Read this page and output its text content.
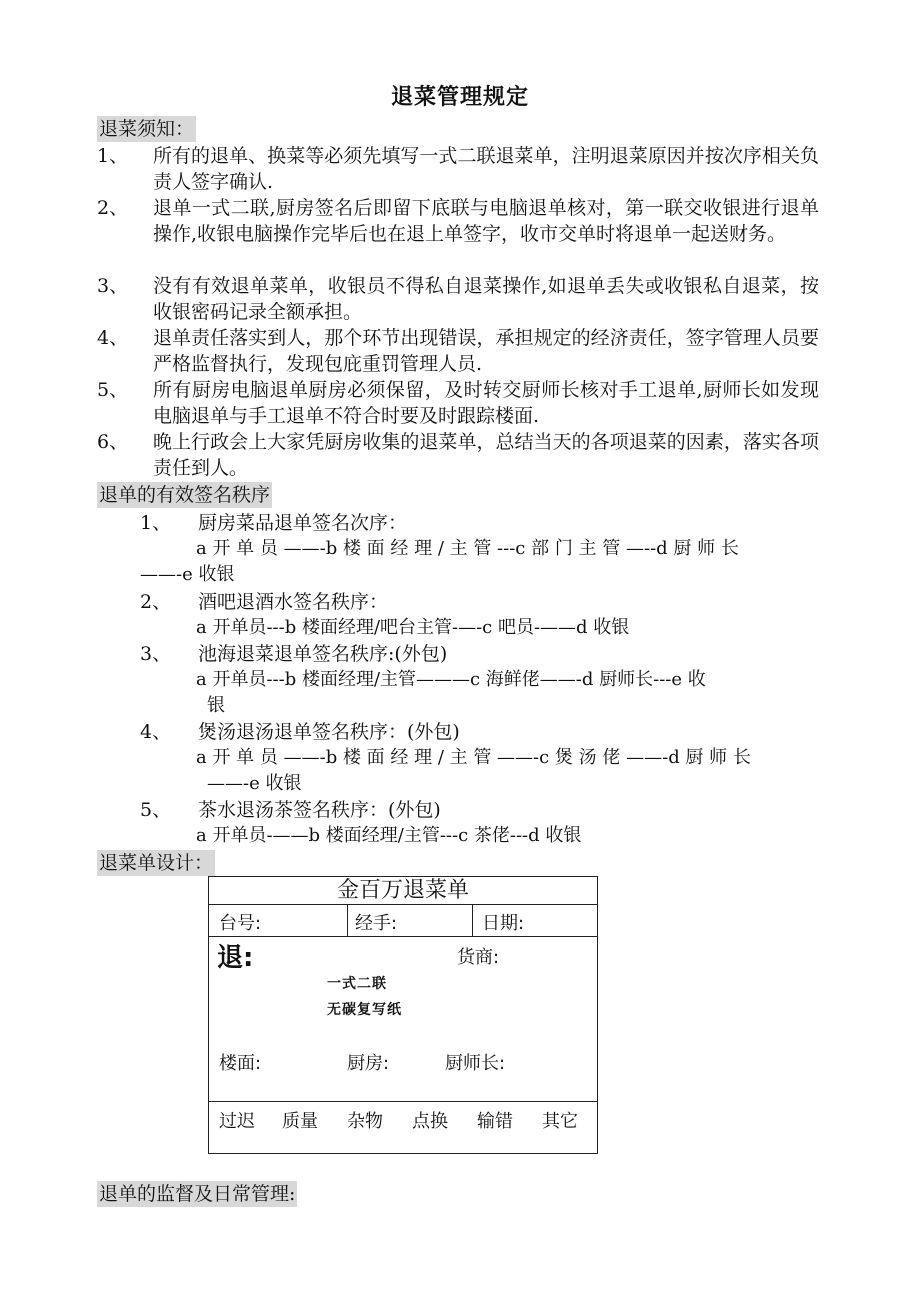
退菜管理规定
退菜须知：
1、 所有的退单、换菜等必须先填写一式二联退菜单，注明退菜原因并按次序相关负责人签字确认.
2、 退单一式二联,厨房签名后即留下底联与电脑退单核对，第一联交收银进行退单操作,收银电脑操作完毕后也在退上单签字，收市交单时将退单一起送财务。
3、 没有有效退单菜单，收银员不得私自退菜操作,如退单丢失或收银私自退菜，按收银密码记录全额承担。
4、 退单责任落实到人，那个环节出现错误，承担规定的经济责任，签字管理人员要严格监督执行，发现包庇重罚管理人员.
5、 所有厨房电脑退单厨房必须保留，及时转交厨师长核对手工退单,厨师长如发现电脑退单与手工退单不符合时要及时跟踪楼面.
6、 晚上行政会上大家凭厨房收集的退菜单，总结当天的各项退菜的因素，落实各项责任到人。
退单的有效签名秩序
1、 厨房菜品退单签名次序：
a 开 单 员 ——-b 楼 面 经 理 / 主 管 ---c 部 门 主 管 —--d 厨 师 长
——-e 收银
2、 酒吧退酒水签名秩序：
a 开单员---b 楼面经理/吧台主管-—-c 吧员-——d 收银
3、 池海退菜退单签名秩序:(外包)
a 开单员---b 楼面经理/主管———c 海鲜佬——-d 厨师长---e 收
银
4、 煲汤退汤退单签名秩序：(外包)
a 开 单 员 ——-b 楼 面 经 理 / 主 管 ——-c 煲 汤 佬 ——-d 厨 师 长
——-e 收银
5、 茶水退汤茶签名秩序：(外包)
a 开单员-——b 楼面经理/主管---c 茶佬---d 收银
退菜单设计：
金百万退菜单
台号:	经手:	日期:
退:	货商:
一式二联
无碳复写纸
楼面:	厨房:	厨师长:
过迟 质量 杂物 点换 输错 其它
退单的监督及日常管理:
